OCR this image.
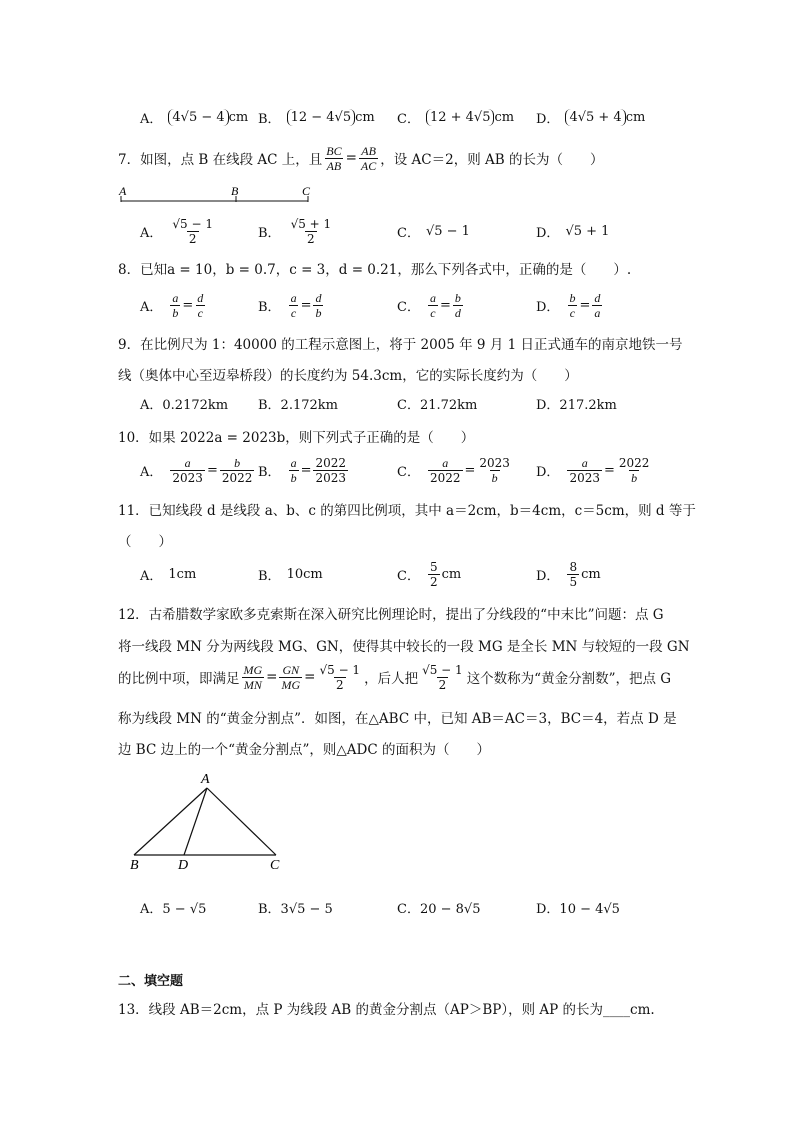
A． 4√5 − 4 cm B． 12 − 4√5 cm C． 12 + 4√5 cm D． 4√5 + 4 cm
7．如图，点 B 在线段 AC 上，且 $\frac{BC}{AB} = \frac{AB}{AC}$ ，设 AC＝2，则 AB 的长为（　　）
A	B	C
A． $\frac{√5 - 1}{2}$	B． $\frac{√5 + 1}{2}$	C． √5 − 1	D． √5 + 1
8．已知a = 10，b = 0.7，c = 3，d = 0.21，那么下列各式中，正确的是（　　）.
A． $\frac{a}{b} = \frac{d}{c}$	B． $\frac{a}{c} = \frac{d}{b}$	C． $\frac{a}{c} = \frac{b}{d}$	D． $\frac{b}{c} = \frac{d}{a}$
9．在比例尺为 1：40000 的工程示意图上，将于 2005 年 9 月 1 日正式通车的南京地铁一号
线（奥体中心至迈皋桥段）的长度约为 54.3cm，它的实际长度约为（　　）
A．0.2172km B．2.172km	C．21.72km	D．217.2km
10．如果 2022a = 2023b，则下列式子正确的是（　　）
A． $\frac{a}{2023} = \frac{b}{2022}$ B． $\frac{a}{b} = \frac{2022}{2023}$	C． $\frac{a}{2022} = \frac{2023}{b}$ D． $\frac{a}{2023} = \frac{2022}{b}$
11．已知线段 d 是线段 a、b、c 的第四比例项，其中 a＝2cm，b＝4cm，c＝5cm，则 d 等于
（　　）
A． 1cm	B． 10cm	C． $\frac{5}{2}$ cm	D． $\frac{8}{5}$ cm
12．古希腊数学家欧多克索斯在深入研究比例理论时，提出了分线段的“中末比”问题：点 G
将一线段 MN 分为两线段 MG、GN，使得其中较长的一段 MG 是全长 MN 与较短的一段 GN
的比例中项，即满足 $\frac{MG}{MN} = \frac{GN}{MG} = \frac{√5 - 1}{2}$ ，后人把 $\frac{√5 - 1}{2}$ 这个数称为“黄金分割数”，把点 G
称为线段 MN 的“黄金分割点”．如图，在△ABC 中，已知 AB＝AC＝3，BC＝4，若点 D 是
边 BC 边上的一个“黄金分割点”，则△ADC 的面积为（　　）
A
B	D	C
A．5 − √5	B．3√5 − 5	C．20 − 8√5	D．10 − 4√5
二、填空题
13．线段 AB＝2cm，点 P 为线段 AB 的黄金分割点（AP＞BP），则 AP 的长为____cm.
